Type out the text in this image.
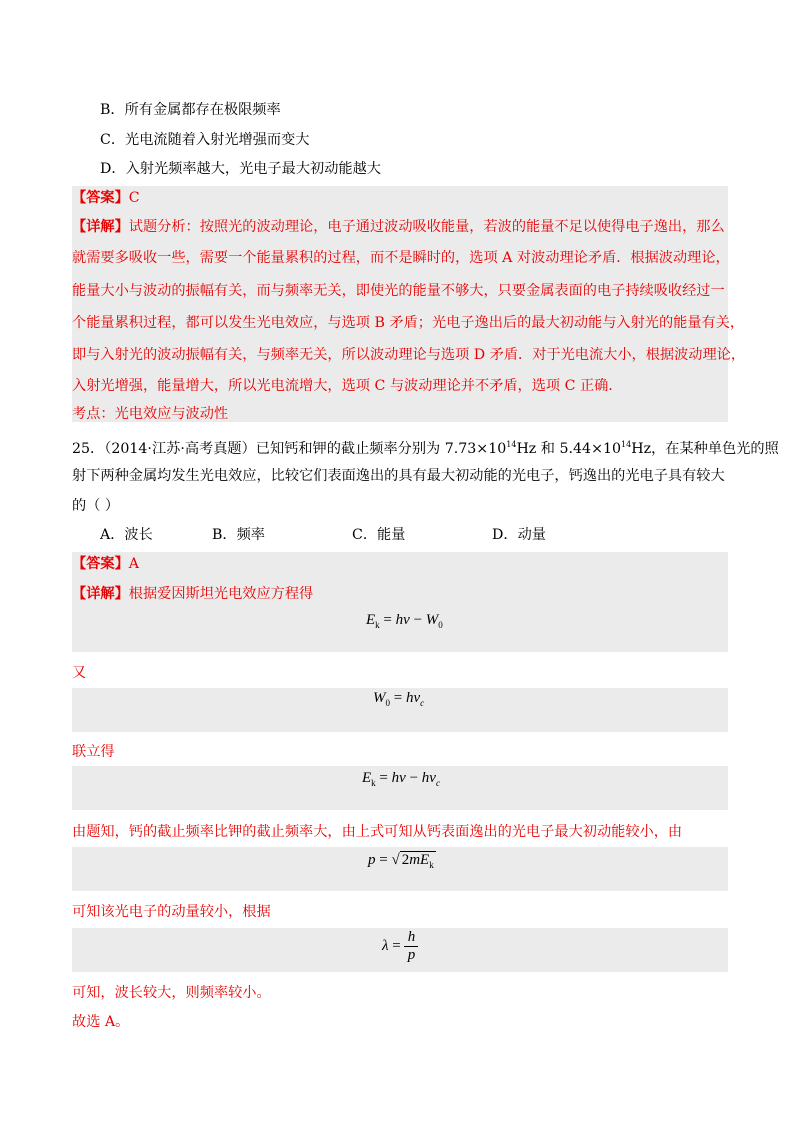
B．所有金属都存在极限频率
C．光电流随着入射光增强而变大
D．入射光频率越大，光电子最大初动能越大
【答案】C
【详解】试题分析：按照光的波动理论，电子通过波动吸收能量，若波的能量不足以使得电子逸出，那么
就需要多吸收一些，需要一个能量累积的过程，而不是瞬时的，选项 A 对波动理论矛盾．根据波动理论，
能量大小与波动的振幅有关，而与频率无关，即使光的能量不够大，只要金属表面的电子持续吸收经过一
个能量累积过程，都可以发生光电效应，与选项 B 矛盾；光电子逸出后的最大初动能与入射光的能量有关，
即与入射光的波动振幅有关，与频率无关，所以波动理论与选项 D 矛盾．对于光电流大小，根据波动理论，
入射光增强，能量增大，所以光电流增大，选项 C 与波动理论并不矛盾，选项 C 正确．
考点：光电效应与波动性
25．（2014·江苏·高考真题）已知钙和钾的截止频率分别为 $7.73\times 10^{14}Hz$ 和 $5.44\times 10^{14}Hz$，在某种单色光的照
射下两种金属均发生光电效应，比较它们表面逸出的具有最大初动能的光电子，钙逸出的光电子具有较大
的（ ）
A．波长	B．频率	C．能量	D．动量
【答案】A
【详解】根据爱因斯坦光电效应方程得
$E_k = h\nu - W_0$
又
$W_0 = h\nu_c$
联立得
$E_k = h\nu - h\nu_c$
由题知，钙的截止频率比钾的截止频率大，由上式可知从钙表面逸出的光电子最大初动能较小，由
p = √ $2mE_k$
可知该光电子的动量较小，根据
$\lambda = \frac{h}{p}$
可知，波长较大，则频率较小。
故选 A。
